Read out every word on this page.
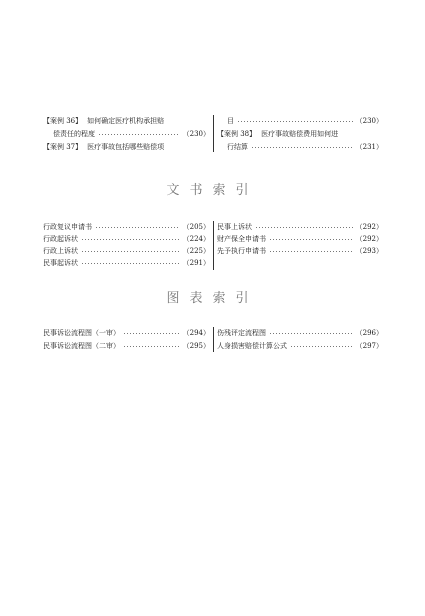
【案例 36】 如何确定医疗机构承担赔
偿责任的程度	（230）
【案例 37】 医疗事故包括哪些赔偿项
目	（230）
【案例 38】 医疗事故赔偿费用如何进
行结算	（231）
文书索引
行政复议申请书	（205）
行政起诉状	（224）
行政上诉状	（225）
民事起诉状	（291）
民事上诉状	（292）
财产保全申请书	（292）
先予执行申请书	（293）
图表索引
民事诉讼流程图（一审）	（294）
民事诉讼流程图（二审）	（295）
伤残评定流程图	（296）
人身损害赔偿计算公式	（297）
